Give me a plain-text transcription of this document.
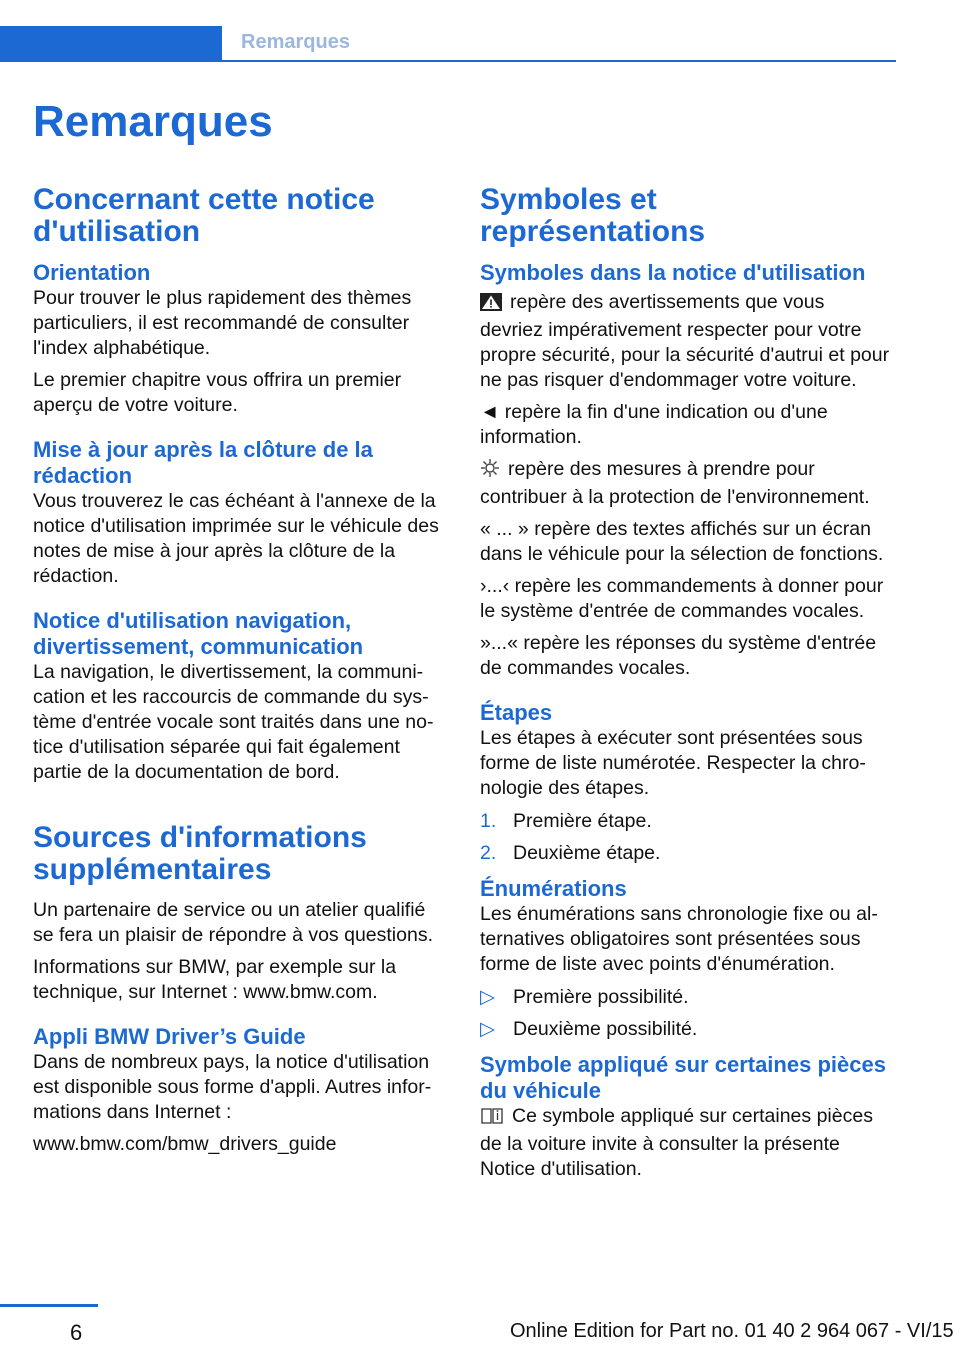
Remarques
Remarques
Concernant cette notice d'utilisation
Orientation

Pour trouver le plus rapidement des thèmes particuliers, il est recommandé de consulter l'index alphabétique.

Le premier chapitre vous offrira un premier aperçu de votre voiture.

Mise à jour après la clôture de la rédaction

Vous trouverez le cas échéant à l'annexe de la notice d'utilisation imprimée sur le véhicule des notes de mise à jour après la clôture de la rédaction.

Notice d'utilisation navigation, divertissement, communication

La navigation, le divertissement, la communi-cation et les raccourcis de commande du sys-tème d'entrée vocale sont traités dans une no-tice d'utilisation séparée qui fait également partie de la documentation de bord.

Sources d'informations supplémentaires

Un partenaire de service ou un atelier qualifié se fera un plaisir de répondre à vos questions.

Informations sur BMW, par exemple sur la technique, sur Internet : www.bmw.com.

Appli BMW Driver’s Guide

Dans de nombreux pays, la notice d'utilisation est disponible sous forme d'appli. Autres infor-mations dans Internet :

www.bmw.com/bmw_drivers_guide

Symboles et représentations
Symboles dans la notice d'utilisation

repère des avertissements que vous devriez impérativement respecter pour votre propre sécurité, pour la sécurité d'autrui et pour ne pas risquer d'endommager votre voiture.

◄ repère la fin d'une indication ou d'une information.

repère des mesures à prendre pour contribuer à la protection de l'environnement.

« ... » repère des textes affichés sur un écran dans le véhicule pour la sélection de fonctions.

›...‹ repère les commandements à donner pour le système d'entrée de commandes vocales.

»...« repère les réponses du système d'entrée de commandes vocales.

Étapes

Les étapes à exécuter sont présentées sous forme de liste numérotée. Respecter la chro-nologie des étapes.

1. Première étape.
2. Deuxième étape.
Énumérations

Les énumérations sans chronologie fixe ou al-ternatives obligatoires sont présentées sous forme de liste avec points d'énumération.

▷ Première possibilité.
▷ Deuxième possibilité.
Symbole appliqué sur certaines pièces du véhicule

Ce symbole appliqué sur certaines pièces de la voiture invite à consulter la présente Notice d'utilisation.

6	Online Edition for Part no. 01 40 2 964 067 - VI/15
